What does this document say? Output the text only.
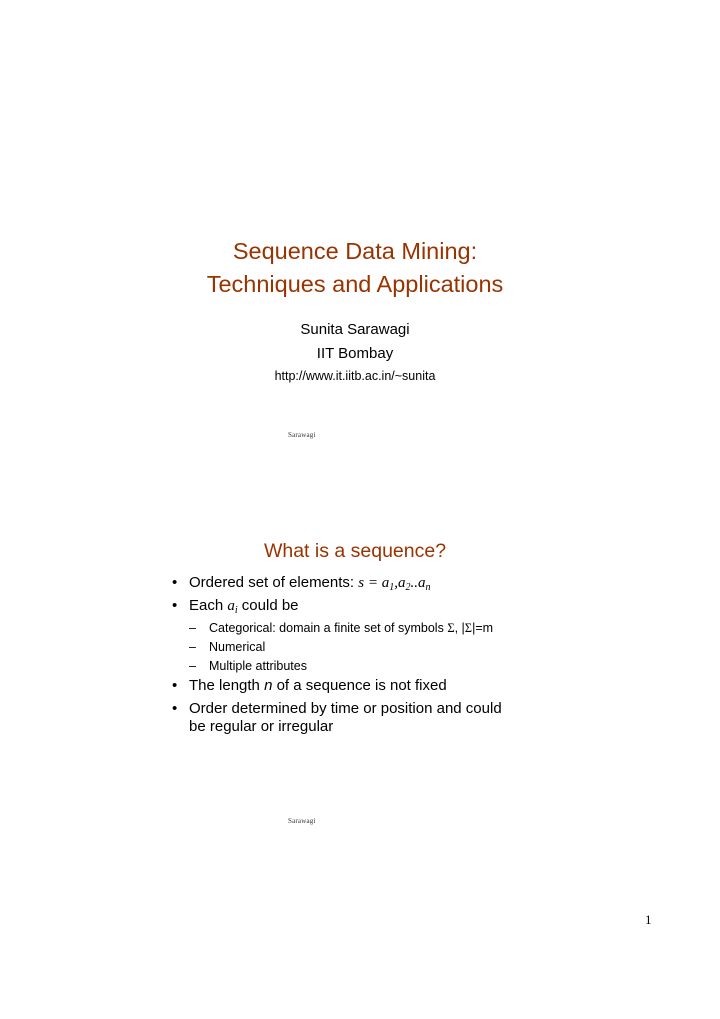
Sequence Data Mining:
Techniques and Applications
Sunita Sarawagi
IIT Bombay
http://www.it.iitb.ac.in/~sunita
Sarawagi
What is a sequence?
• Ordered set of elements: $s = a_1,a_2..a_n$
• Each $a_i$ could be
– Categorical: domain a finite set of symbols Σ, |Σ|=m
– Numerical
– Multiple attributes
• The length n of a sequence is not fixed
• Order determined by time or position and could
be regular or irregular
Sarawagi
1
